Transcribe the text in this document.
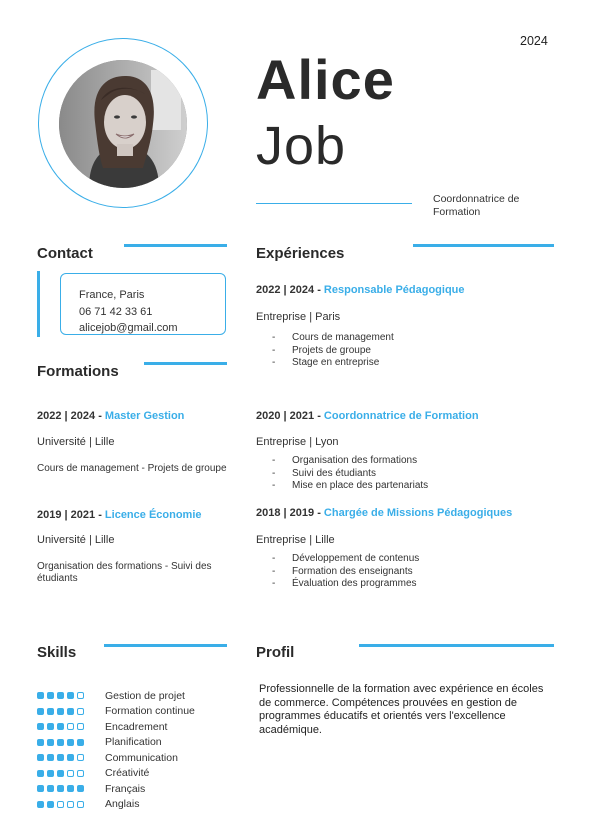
2024
Alice
Job
Coordonnatrice de Formation
Contact
France, Paris
06 71 42 33 61
alicejob@gmail.com
Formations
2022 | 2024 - Master Gestion
Université | Lille
Cours de management - Projets de groupe
2019 | 2021 - Licence Économie
Université | Lille
Organisation des formations - Suivi des étudiants
Expériences
2022 | 2024 - Responsable Pédagogique
Entreprise | Paris
- Cours de management
- Projets de groupe
- Stage en entreprise
2020 | 2021 - Coordonnatrice de Formation
Entreprise | Lyon
- Organisation des formations
- Suivi des étudiants
- Mise en place des partenariats
2018 | 2019 - Chargée de Missions Pédagogiques
Entreprise | Lille
- Développement de contenus
- Formation des enseignants
- Évaluation des programmes
Skills
Gestion de projet
Formation continue
Encadrement
Planification
Communication
Créativité
Français
Anglais
Profil
Professionnelle de la formation avec expérience en écoles de commerce. Compétences prouvées en gestion de programmes éducatifs et orientés vers l'excellence académique.
